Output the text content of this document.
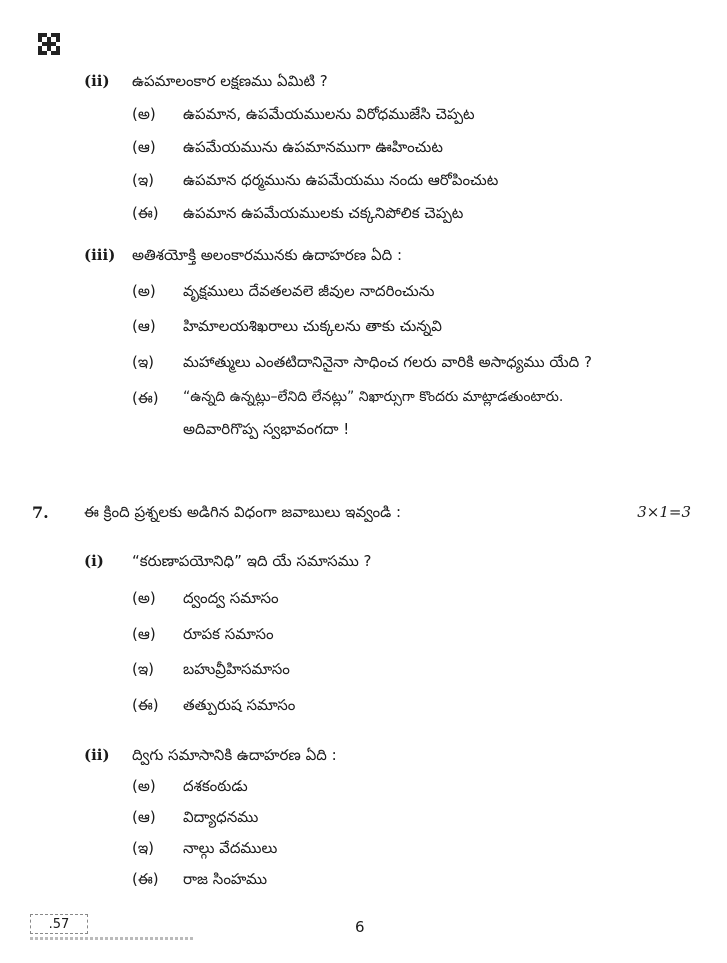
(ii) ఉపమాలంకార లక్షణము ఏమిటి ?
(అ) ఉపమాన, ఉపమేయములను విరోధముజేసి చెప్పట
(ఆ) ఉపమేయమును ఉపమానముగా ఊహించుట
(ఇ) ఉపమాన ధర్మమును ఉపమేయము నందు ఆరోపించుట
(ఈ) ఉపమాన ఉపమేయములకు చక్కనిపోలిక చెప్పట
(iii) అతిశయోక్తి అలంకారమునకు ఉదాహరణ ఏది :
(అ) వృక్షములు దేవతలవలె జీవుల నాదరించును
(ఆ) హిమాలయశిఖరాలు చుక్కలను తాకు చున్నవి
(ఇ) మహాత్ములు ఎంతటిదానినైనా సాధించ గలరు వారికి అసాధ్యము యేది ?
(ఈ) “ఉన్నది ఉన్నట్లు–లేనిది లేనట్లు” నిఖార్సుగా కొందరు మాట్లాడతుంటారు.
అదివారిగొప్ప స్వభావంగదా !
7. ఈ క్రింది ప్రశ్నలకు అడిగిన విధంగా జవాబులు ఇవ్వండి :	3×1=3
(i) “కరుణాపయోనిధి” ఇది యే సమాసము ?
(అ) ద్వంద్వ సమాసం
(ఆ) రూపక సమాసం
(ఇ) బహువ్రీహిసమాసం
(ఈ) తత్పురుష సమాసం
(ii) ద్విగు సమాసానికి ఉదాహరణ ఏది :
(అ) దశకంఠుడు
(ఆ) విద్యాధనము
(ఇ) నాల్గు వేదములు
(ఈ) రాజ సింహము
.57	6
